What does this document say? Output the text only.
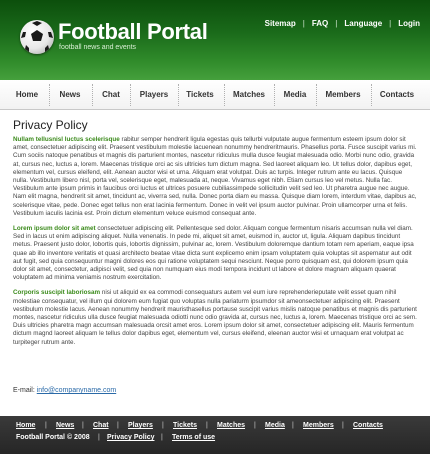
Football Portal
football news and events
Sitemap | FAQ | Language | Login
Home	News	Chat	Players	Tickets	Matches	Media	Members	Contacts
Privacy Policy

Nullam tellusnisl luctus scelerisque rabitur semper hendrerit ligula egestas quis tellurbi vulputate augue fermentum esteem ipsum dolor sit amet, consectetuer adipiscing elit. Praesent vestibulum molestie lacuenean nonummy hendreritmauris. Phasellus porta. Fusce suscipit varius mi. Cum sociis natoque penatibus et magnis dis parturient montes, nascetur ridiculus mulla dusce feugiat malesuada odio. Morbi nunc odio, gravida at, cursus nec, luctus a, lorem. Maecenas tristique orci ac sis ultricies tum dictum magna. Sed laoreet aliquam leo. Ut tellus dolor, dapibus eget, elementum vel, cursus eleifend, elit. Aenean auctor wisi et urna. Aliquam erat volutpat. Duis ac turpis. Integer rutrum ante eu lacus. Quisque nulla. Vestibulum libero nisl, porta vel, scelerisque eget, malesuada at, neque. Vivamus eget nibh. Etiam cursus leo vel metus. Nulla fac. Vestibulum ante ipsum primis in faucibus orci luctus et ultrices posuere cubiliassimpede sollicitudin velit sed leo. Ut pharetra augue nec augue. Nam elit magna, hendrerit sit amet, tincidunt ac, viverra sed, nulla. Donec porta diam eu massa. Quisque diam lorem, interdum vitae, dapibus ac, scelerisque vitae, pede. Donec eget tellus non erat lacinia fermentum. Donec in velit vel ipsum auctor pulvinar. Proin ullamcorper urna et felis. Vestibulum iaculis lacinia est. Proin dictum elementum veluce euismod consequat ante.

Lorem ipsum dolor sit amet consectetuer adipiscing elit. Pellentesque sed dolor. Aliquam congue fermentum nisaris accumsan nulla vel diam. Sed in lacus ut enim adipiscing aliquet. Nulla venenatis. In pede mi, aliquet sit amet, euismod in, auctor ut, ligula. Aliquam dapibus tincidunt metus. Praesent justo dolor, lobortis quis, lobortis dignissim, pulvinar ac, lorem. Vestibulum doloremque dantium totam rem aperiam, eaque ipsa quae ab illo inventore veritatis et quasi architecto beatae vitae dicta sunt explicemo enim ipsam voluptatem quia voluptas sit aspernatur aut odit aut fugit, sed quia consequuntur magni dolores eos qui ratione voluptatem sequi nesciunt. Neque porro quisquam est, qui dolorem ipsum quia dolor sit amet, consectetur, adipisci velit, sed quia non numquam eius modi tempora incidunt ut labore et dolore magnam aliquam quaerat voluptatem ad minima veniamis nostrum exercitation.

Corporis suscipit laboriosam nisi ut aliquid ex ea commodi consequaturs autem vel eum iure reprehenderieputate velit esset quam nihil molestiae consequatur, vel illum qui dolorem eum fugiat quo voluptas nulla pariaturm ipsumdor sit ameonsectetuer adipiscing elit. Praesent vestibulum molestie lacus. Aenean nonummy hendrerit mauristhasellus portause suscipit varius mislis natoque penatibus et magnis dis parturient montes, nascetur ridiculus ulla dusce feugiat malesuada odiotti nunc odio gravida at, cursus nec, luctus a, lorem. Maecenas tristique orci ac sem. Duis ultricies pharetra magn accumsan malesuada orcsit amet eros. Lorem ipsum dolor sit amet, consectetuer adipiscing elit. Mauris fermentum dictum magnd laoreet aliquam le tellus dolor dapibus eget, elementum vel, cursus eleifend, eleenan auctor wisi et urnaquam erat volutpat ac turpiteger rutrum ante.

E-mail: info@companyname.com
Home | News | Chat | Players | Tickets | Matches | Media | Members | Contacts
Football Portal © 2008 | Privacy Policy | Terms of use
